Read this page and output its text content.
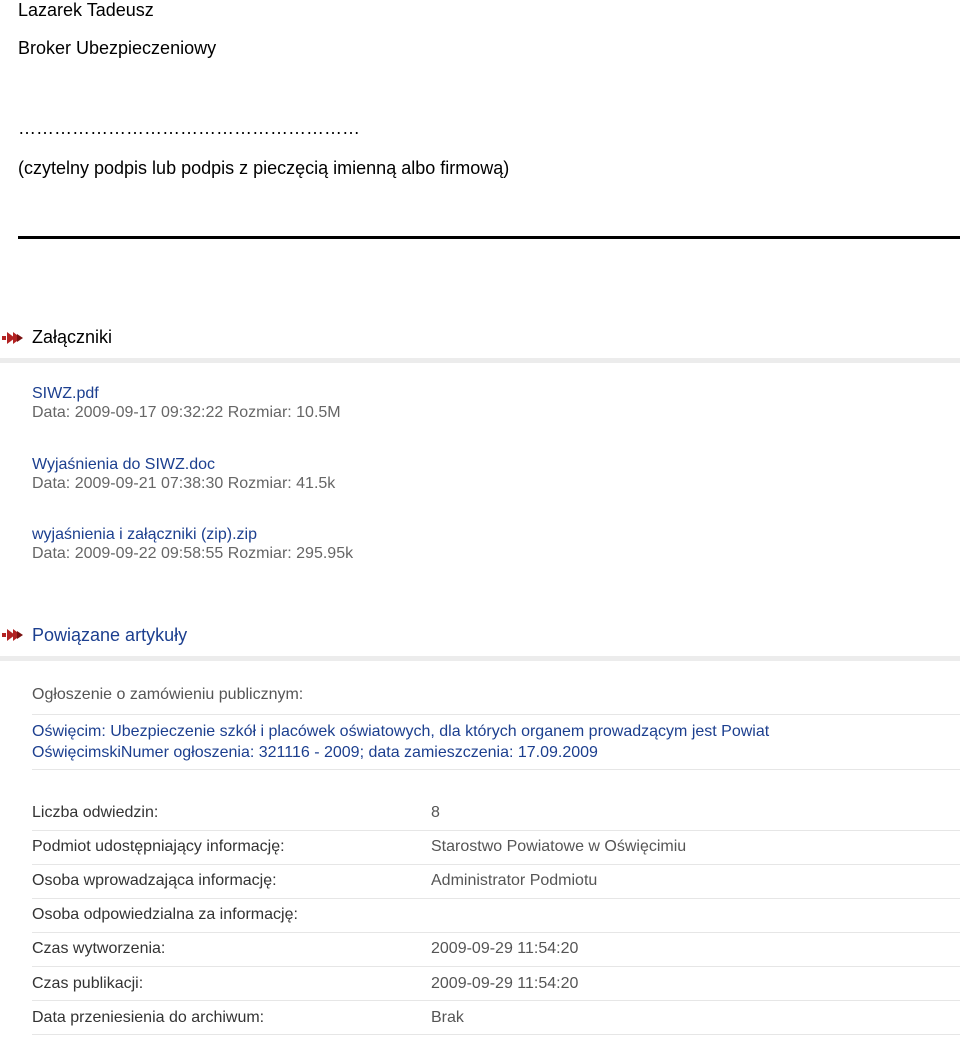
Lazarek Tadeusz
Broker Ubezpieczeniowy
…………………………………………………
(czytelny podpis lub podpis z pieczęcią imienną albo firmową)
Załączniki
SIWZ.pdf
Data: 2009-09-17 09:32:22 Rozmiar: 10.5M
Wyjaśnienia do SIWZ.doc
Data: 2009-09-21 07:38:30 Rozmiar: 41.5k
wyjaśnienia i załączniki (zip).zip
Data: 2009-09-22 09:58:55 Rozmiar: 295.95k
Powiązane artykuły
Ogłoszenie o zamówieniu publicznym:
Oświęcim: Ubezpieczenie szkół i placówek oświatowych, dla których organem prowadzącym jest Powiat
OświęcimskiNumer ogłoszenia: 321116 - 2009; data zamieszczenia: 17.09.2009
Liczba odwiedzin:	8
Podmiot udostępniający informację:	Starostwo Powiatowe w Oświęcimiu
Osoba wprowadzająca informację:	Administrator Podmiotu
Osoba odpowiedzialna za informację:
Czas wytworzenia:	2009-09-29 11:54:20
Czas publikacji:	2009-09-29 11:54:20
Data przeniesienia do archiwum:	Brak
